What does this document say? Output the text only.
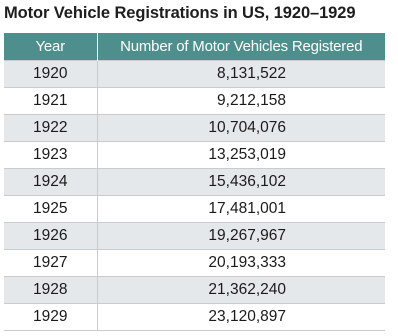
Motor Vehicle Registrations in US, 1920–1929
Year	Number of Motor Vehicles Registered
1920	8,131,522
1921	9,212,158
1922	10,704,076
1923	13,253,019
1924	15,436,102
1925	17,481,001
1926	19,267,967
1927	20,193,333
1928	21,362,240
1929	23,120,897
